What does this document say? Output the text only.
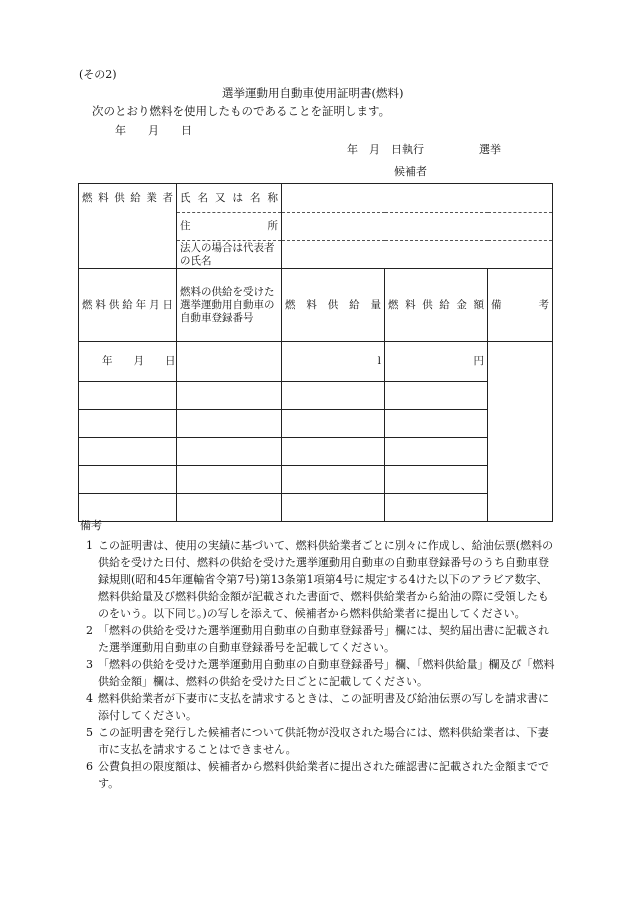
(その2)
選挙運動用自動車使用証明書(燃料)
次のとおり燃料を使用したものであることを証明します。
年　　月　　日
年　月　日執行　　　　　選挙
候補者
燃料供給業者	氏名又は名称			

	住　　　所			

	法人の場合は代表者の氏名			

燃料供給年月日	燃料の供給を受けた選挙運動用自動車の自動車登録番号	燃料供給量	燃料供給金額	備　　考

年　　月　　日		l	円	

備考
1 この証明書は、使用の実績に基づいて、燃料供給業者ごとに別々に作成し、給油伝票(燃料の供給を受けた日付、燃料の供給を受けた選挙運動用自動車の自動車登録番号のうち自動車登録規則(昭和45年運輸省令第7号)第13条第1項第4号に規定する4けた以下のアラビア数字、燃料供給量及び燃料供給金額が記載された書面で、燃料供給業者から給油の際に受領したものをいう。以下同じ。)の写しを添えて、候補者から燃料供給業者に提出してください。
2 「燃料の供給を受けた選挙運動用自動車の自動車登録番号」欄には、契約届出書に記載された選挙運動用自動車の自動車登録番号を記載してください。
3 「燃料の供給を受けた選挙運動用自動車の自動車登録番号」欄、「燃料供給量」欄及び「燃料供給金額」欄は、燃料の供給を受けた日ごとに記載してください。
4 燃料供給業者が下妻市に支払を請求するときは、この証明書及び給油伝票の写しを請求書に添付してください。
5 この証明書を発行した候補者について供託物が没収された場合には、燃料供給業者は、下妻市に支払を請求することはできません。
6 公費負担の限度額は、候補者から燃料供給業者に提出された確認書に記載された金額までです。
